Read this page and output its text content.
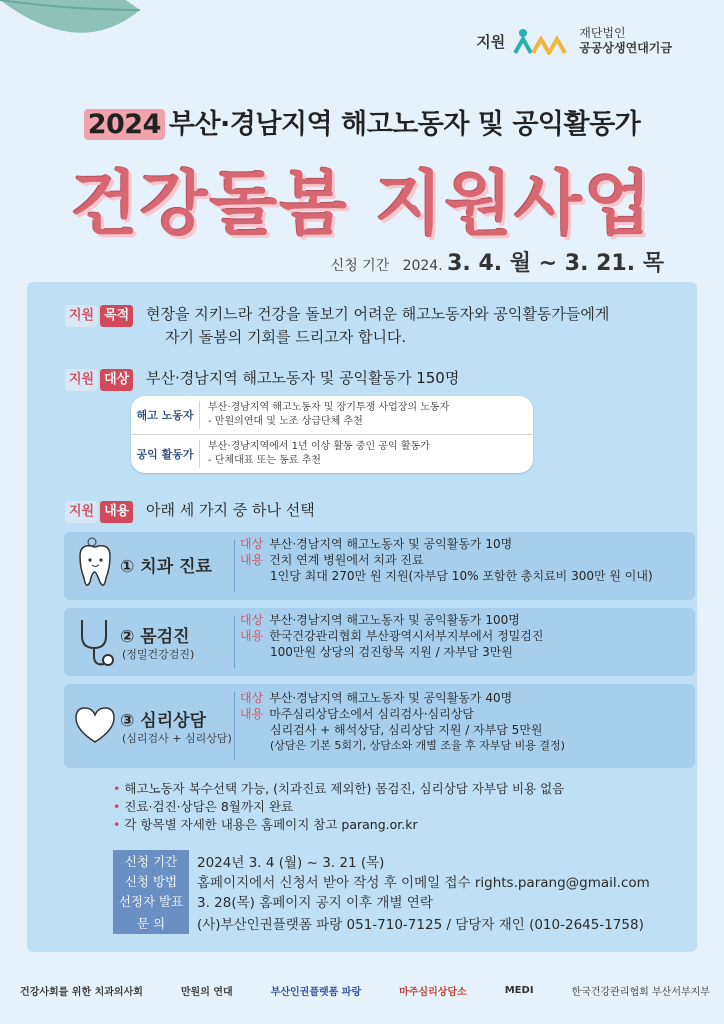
지원	재단법인
공공상생연대기금
2024 부산·경남지역 해고노동자 및 공익활동가
건강돌봄 지원사업
신청 기간 2024. 3. 4. 월 ~ 3. 21. 목
지원 목적 현장을 지키느라 건강을 돌보기 어려운 해고노동자와 공익활동가들에게
자기 돌봄의 기회를 드리고자 합니다.
지원 대상 부산·경남지역 해고노동자 및 공익활동가 150명
해고 노동자
부산·경남지역 해고노동자 및 장기투쟁 사업장의 노동자
- 만원의연대 및 노조 상급단체 추천
공익 활동가
부산·경남지역에서 1년 이상 활동 중인 공익 활동가
- 단체대표 또는 동료 추천
지원 내용 아래 세 가지 중 하나 선택
① 치과 진료
대상 부산·경남지역 해고노동자 및 공익활동가 10명
내용 건치 연계 병원에서 치과 진료
1인당 최대 270만 원 지원(자부담 10% 포함한 총치료비 300만 원 이내)
② 몸검진
(정밀건강검진)
대상 부산·경남지역 해고노동자 및 공익활동가 100명
내용 한국건강관리협회 부산광역시서부지부에서 정밀검진
100만원 상당의 검진항목 지원 / 자부담 3만원
③ 심리상담
(심리검사 + 심리상담)
대상 부산·경남지역 해고노동자 및 공익활동가 40명
내용 마주심리상담소에서 심리검사·심리상담
심리검사 + 해석상담, 심리상담 지원 / 자부담 5만원
(상담은 기본 5회기, 상담소와 개별 조율 후 자부담 비용 결정)
• 해고노동자 복수선택 가능, (치과진료 제외한) 몸검진, 심리상담 자부담 비용 없음
• 진료·검진·상담은 8월까지 완료
• 각 항목별 자세한 내용은 홈페이지 참고 parang.or.kr
신청 기간	2024년 3. 4 (월) ~ 3. 21 (목)
신청 방법	홈페이지에서 신청서 받아 작성 후 이메일 접수 rights.parang@gmail.com
선정자 발표	3. 28(목) 홈페이지 공지 이후 개별 연락
문 의	(사)부산인권플랫폼 파랑 051-710-7125 / 담당자 재인 (010-2645-1758)
건강사회를 위한 치과의사회	만원의 연대	부산인권플랫폼 파랑	마주심리상담소	MEDI	한국건강관리협회 부산서부지부
